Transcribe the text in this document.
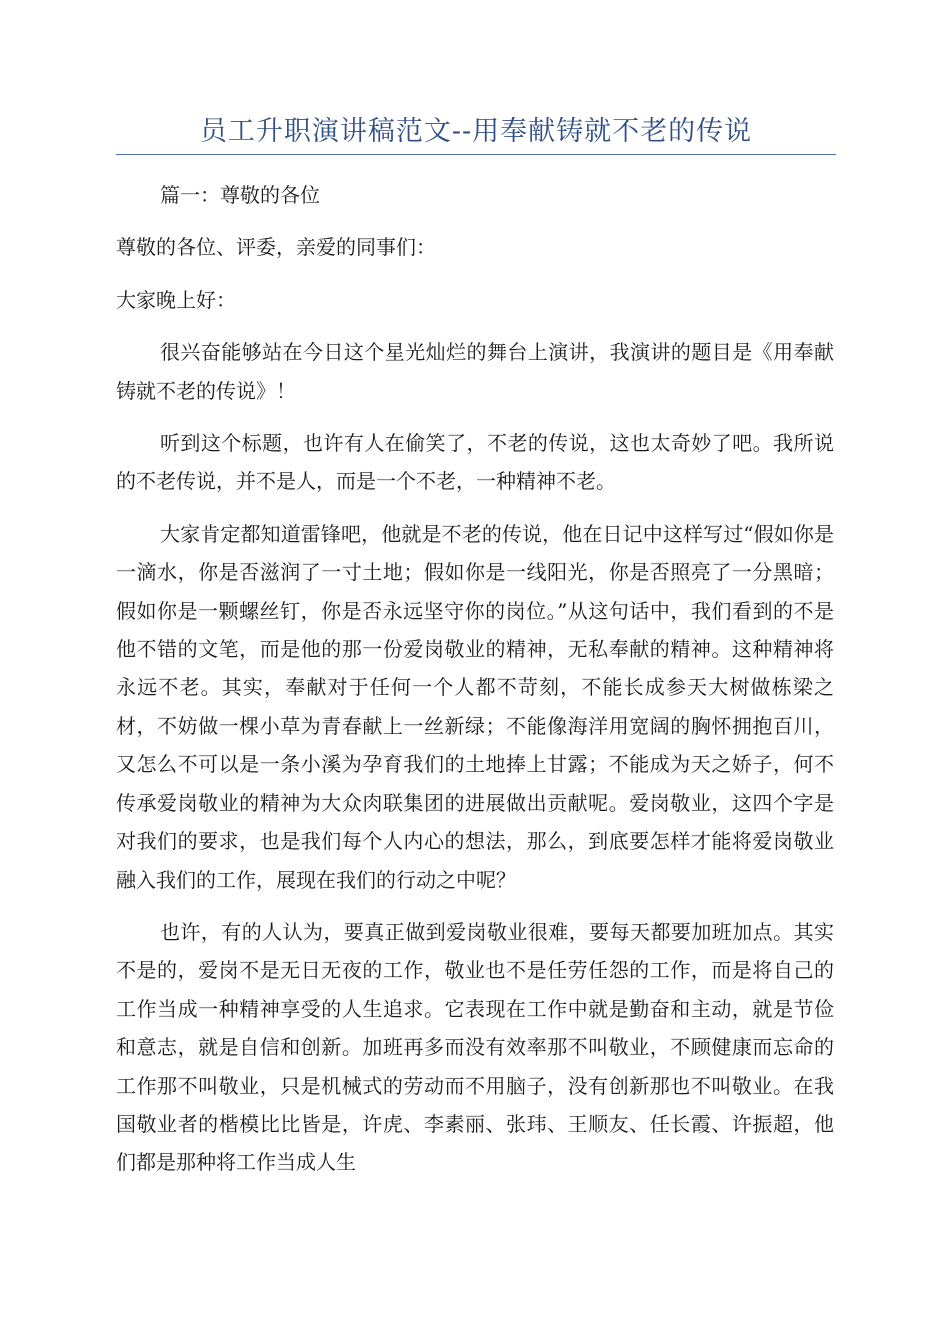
员工升职演讲稿范文--用奉献铸就不老的传说

篇一：尊敬的各位

尊敬的各位、评委，亲爱的同事们：

大家晚上好：

很兴奋能够站在今日这个星光灿烂的舞台上演讲，我演讲的题目是《用奉献铸就不老的传说》！

听到这个标题，也许有人在偷笑了，不老的传说，这也太奇妙了吧。我所说的不老传说，并不是人，而是一个不老，一种精神不老。

大家肯定都知道雷锋吧，他就是不老的传说，他在日记中这样写过“假如你是一滴水，你是否滋润了一寸土地；假如你是一线阳光，你是否照亮了一分黑暗；假如你是一颗螺丝钉，你是否永远坚守你的岗位。”从这句话中，我们看到的不是他不错的文笔，而是他的那一份爱岗敬业的精神，无私奉献的精神。这种精神将永远不老。其实，奉献对于任何一个人都不苛刻，不能长成参天大树做栋梁之材，不妨做一棵小草为青春献上一丝新绿；不能像海洋用宽阔的胸怀拥抱百川，又怎么不可以是一条小溪为孕育我们的土地捧上甘露；不能成为天之娇子，何不传承爱岗敬业的精神为大众肉联集团的进展做出贡献呢。爱岗敬业，这四个字是对我们的要求，也是我们每个人内心的想法，那么，到底要怎样才能将爱岗敬业融入我们的工作，展现在我们的行动之中呢？

也许，有的人认为，要真正做到爱岗敬业很难，要每天都要加班加点。其实不是的，爱岗不是无日无夜的工作，敬业也不是任劳任怨的工作，而是将自己的工作当成一种精神享受的人生追求。它表现在工作中就是勤奋和主动，就是节俭和意志，就是自信和创新。加班再多而没有效率那不叫敬业，不顾健康而忘命的工作那不叫敬业，只是机械式的劳动而不用脑子，没有创新那也不叫敬业。在我国敬业者的楷模比比皆是，许虎、李素丽、张玮、王顺友、任长霞、许振超，他们都是那种将工作当成人生
